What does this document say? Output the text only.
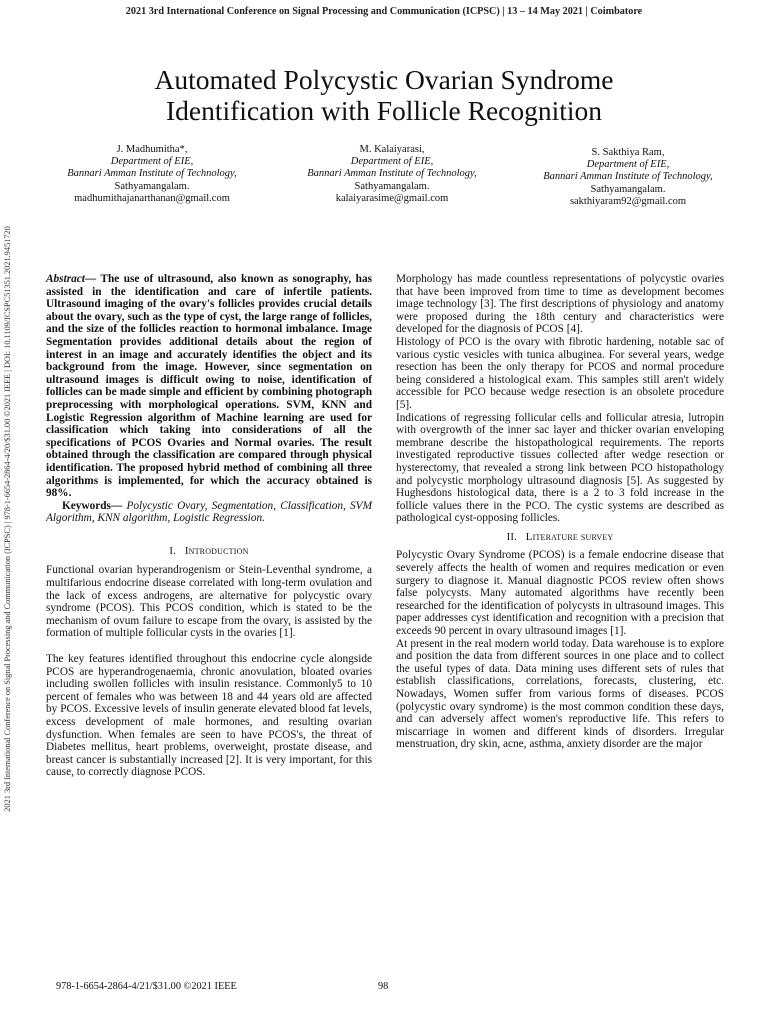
2021 3rd International Conference on Signal Processing and Communication (ICPSC) | 13 – 14 May 2021 | Coimbatore
2021 3rd International Conference on Signal Processing and Communication (ICPSC) | 978-1-6654-2864-4/20/$31.00 ©2021 IEEE | DOI: 10.1109/ICSPC51351.2021.9451720
Automated Polycystic Ovarian Syndrome
Identification with Follicle Recognition
J. Madhumitha*,
Department of EIE,
Bannari Amman Institute of Technology,
Sathyamangalam.
madhumithajanarthanan@gmail.com
M. Kalaiyarasi,
Department of EIE,
Bannari Amman Institute of Technology,
Sathyamangalam.
kalaiyarasime@gmail.com
S. Sakthiya Ram,
Department of EIE,
Bannari Amman Institute of Technology,
Sathyamangalam.
sakthiyaram92@gmail.com

Abstract— The use of ultrasound, also known as sonography, has assisted in the identification and care of infertile patients. Ultrasound imaging of the ovary's follicles provides crucial details about the ovary, such as the type of cyst, the large range of follicles, and the size of the follicles reaction to hormonal imbalance. Image Segmentation provides additional details about the region of interest in an image and accurately identifies the object and its background from the image. However, since segmentation on ultrasound images is difficult owing to noise, identification of follicles can be made simple and efficient by combining photograph preprocessing with morphological operations. SVM, KNN and Logistic Regression algorithm of Machine learning are used for classification which taking into considerations of all the specifications of PCOS Ovaries and Normal ovaries. The result obtained through the classification are compared through physical identification. The proposed hybrid method of combining all three algorithms is implemented, for which the accuracy obtained is 98%.

Keywords— Polycystic Ovary, Segmentation, Classification, SVM Algorithm, KNN algorithm, Logistic Regression.

I. Introduction

Functional ovarian hyperandrogenism or Stein-Leventhal syndrome, a multifarious endocrine disease correlated with long-term ovulation and the lack of excess androgens, are alternative for polycystic ovary syndrome (PCOS). This PCOS condition, which is stated to be the mechanism of ovum failure to escape from the ovary, is assisted by the formation of multiple follicular cysts in the ovaries [1].

The key features identified throughout this endocrine cycle alongside PCOS are hyperandrogenaemia, chronic anovulation, bloated ovaries including swollen follicles with insulin resistance. Commonly5 to 10 percent of females who was between 18 and 44 years old are affected by PCOS. Excessive levels of insulin generate elevated blood fat levels, excess development of male hormones, and resulting ovarian dysfunction. When females are seen to have PCOS's, the threat of Diabetes mellitus, heart problems, overweight, prostate disease, and breast cancer is substantially increased [2]. It is very important, for this cause, to correctly diagnose PCOS.

Morphology has made countless representations of polycystic ovaries that have been improved from time to time as development becomes image technology [3]. The first descriptions of physiology and anatomy were proposed during the 18th century and characteristics were developed for the diagnosis of PCOS [4].

Histology of PCO is the ovary with fibrotic hardening, notable sac of various cystic vesicles with tunica albuginea. For several years, wedge resection has been the only therapy for PCOS and normal procedure being considered a histological exam. This samples still aren't widely accessible for PCO because wedge resection is an obsolete procedure [5].

Indications of regressing follicular cells and follicular atresia, lutropin with overgrowth of the inner sac layer and thicker ovarian enveloping membrane describe the histopathological requirements. The reports investigated reproductive tissues collected after wedge resection or hysterectomy, that revealed a strong link between PCO histopathology and polycystic morphology ultrasound diagnosis [5]. As suggested by Hughesdons histological data, there is a 2 to 3 fold increase in the follicle values there in the PCO. The cystic systems are described as pathological cyst-opposing follicles.

II. Literature survey

Polycystic Ovary Syndrome (PCOS) is a female endocrine disease that severely affects the health of women and requires medication or even surgery to diagnose it. Manual diagnostic PCOS review often shows false polycysts. Many automated algorithms have recently been researched for the identification of polycysts in ultrasound images. This paper addresses cyst identification and recognition with a precision that exceeds 90 percent in ovary ultrasound images [1].

At present in the real modern world today. Data warehouse is to explore and position the data from different sources in one place and to collect the useful types of data. Data mining uses different sets of rules that establish classifications, correlations, forecasts, clustering, etc. Nowadays, Women suffer from various forms of diseases. PCOS (polycystic ovary syndrome) is the most common condition these days, and can adversely affect women's reproductive life. This refers to miscarriage in women and different kinds of disorders. Irregular menstruation, dry skin, acne, asthma, anxiety disorder are the major

978-1-6654-2864-4/21/$31.00 ©2021 IEEE	98
